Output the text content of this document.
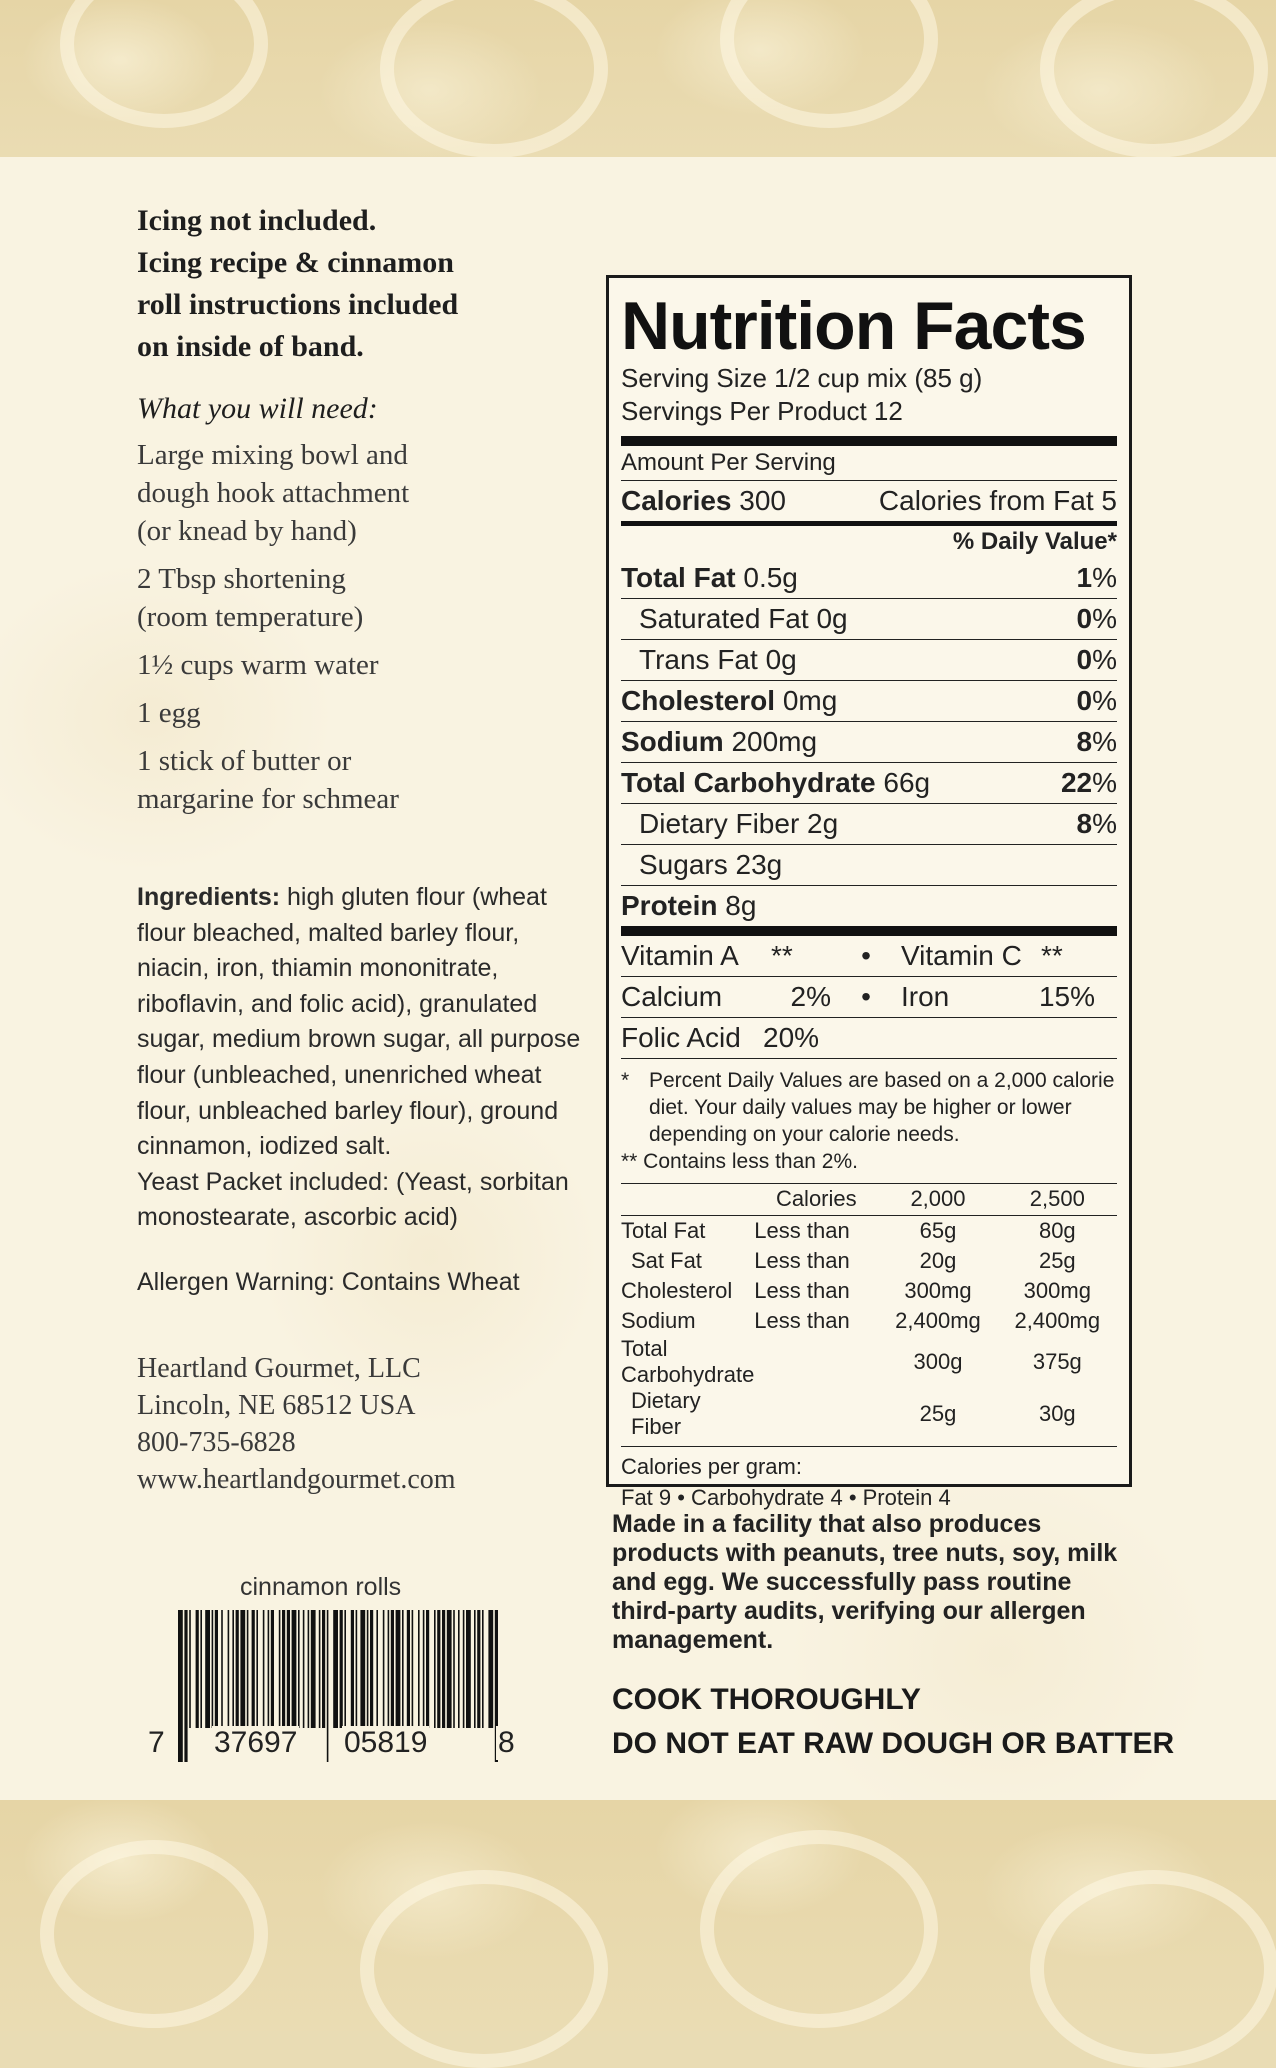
Icing not included.
Icing recipe & cinnamon
roll instructions included
on inside of band.
What you will need:
Large mixing bowl and
dough hook attachment
(or knead by hand)
2 Tbsp shortening
(room temperature)
1½ cups warm water
1 egg
1 stick of butter or
margarine for schmear
Ingredients: high gluten flour (wheat flour bleached, malted barley flour, niacin, iron, thiamin mononitrate, riboflavin, and folic acid), granulated sugar, medium brown sugar, all purpose flour (unbleached, unenriched wheat flour, unbleached barley flour), ground cinnamon, iodized salt.
Yeast Packet included: (Yeast, sorbitan monostearate, ascorbic acid)
Allergen Warning: Contains Wheat
Heartland Gourmet, LLC
Lincoln, NE 68512 USA
800-735-6828
www.heartlandgourmet.com
cinnamon rolls
7 37697 05819 8
Nutrition Facts
Serving Size 1/2 cup mix (85 g)
Servings Per Product 12
Amount Per Serving
Calories 300	Calories from Fat 5
% Daily Value*
Total Fat 0.5g	1%
Saturated Fat 0g	0%
Trans Fat 0g	0%
Cholesterol 0mg	0%
Sodium 200mg	8%
Total Carbohydrate 66g	22%
Dietary Fiber 2g	8%
Sugars 23g
Protein 8g
Vitamin A	**	•	Vitamin C **
Calcium	2%	•	Iron	15%
Folic Acid 20%
* Percent Daily Values are based on a 2,000 calorie diet. Your daily values may be higher or lower depending on your calorie needs.
** Contains less than 2%.
	Calories	2,000	2,500

Total Fat	Less than	65g	80g
Sat Fat	Less than	20g	25g
Cholesterol	Less than	300mg	300mg
Sodium	Less than	2,400mg	2,400mg
Total Carbohydrate		300g	375g
Dietary Fiber		25g	30g
Calories per gram:
Fat 9 • Carbohydrate 4 • Protein 4
Made in a facility that also produces products with peanuts, tree nuts, soy, milk and egg. We successfully pass routine third-party audits, verifying our allergen management.
COOK THOROUGHLY
DO NOT EAT RAW DOUGH OR BATTER
